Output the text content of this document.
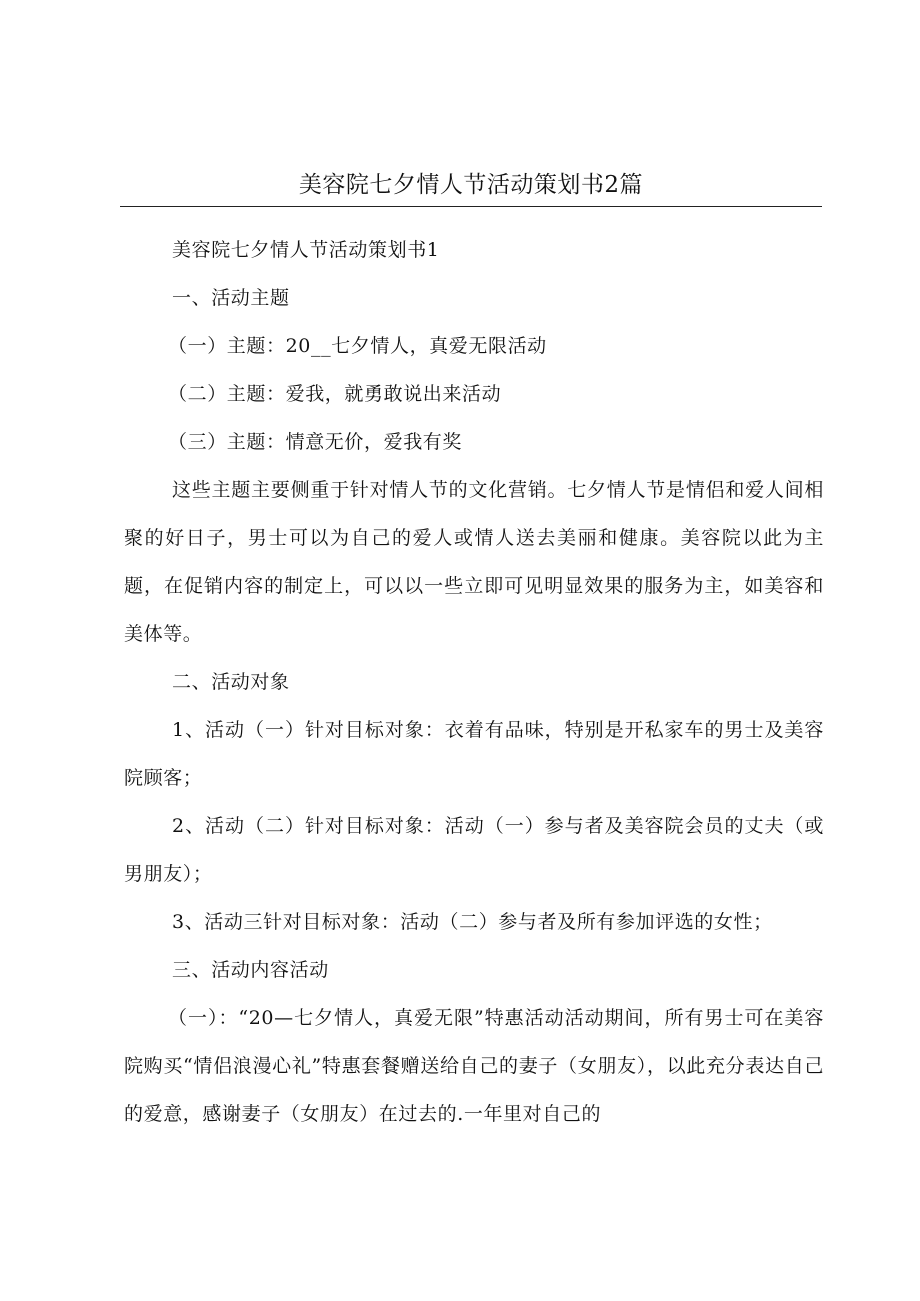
美容院七夕情人节活动策划书2篇

美容院七夕情人节活动策划书1

一、活动主题

（一）主题：20__七夕情人，真爱无限活动

（二）主题：爱我，就勇敢说出来活动

（三）主题：情意无价，爱我有奖

这些主题主要侧重于针对情人节的文化营销。七夕情人节是情侣和爱人间相聚的好日子，男士可以为自己的爱人或情人送去美丽和健康。美容院以此为主题，在促销内容的制定上，可以以一些立即可见明显效果的服务为主，如美容和美体等。

二、活动对象

1、活动（一）针对目标对象：衣着有品味，特别是开私家车的男士及美容院顾客；

2、活动（二）针对目标对象：活动（一）参与者及美容院会员的丈夫（或男朋友）；

3、活动三针对目标对象：活动（二）参与者及所有参加评选的女性；

三、活动内容活动

（一）：“20—七夕情人，真爱无限”特惠活动活动期间，所有男士可在美容院购买“情侣浪漫心礼”特惠套餐赠送给自己的妻子（女朋友），以此充分表达自己的爱意，感谢妻子（女朋友）在过去的.一年里对自己的
